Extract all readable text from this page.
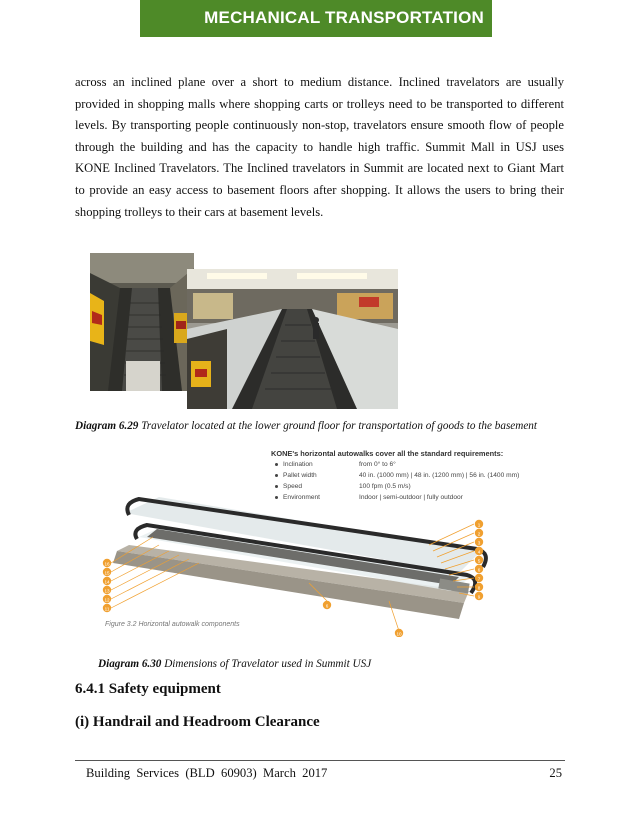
MECHANICAL TRANSPORTATION

across an inclined plane over a short to medium distance. Inclined travelators are usually provided in shopping malls where shopping carts or trolleys need to be transported to different levels. By transporting people continuously non-stop, travelators ensure smooth flow of people through the building and has the capacity to handle high traffic. Summit Mall in USJ uses KONE Inclined Travelators. The Inclined travelators in Summit are located next to Giant Mart to provide an easy access to basement floors after shopping. It allows the users to bring their shopping trolleys to their cars at basement levels.

Diagram 6.29 Travelator located at the lower ground floor for transportation of goods to the basement
KONE's horizontal autowalks cover all the standard requirements:
Inclination	from 0° to 6°
Pallet width	40 in. (1000 mm) | 48 in. (1200 mm) | 56 in. (1400 mm)
Speed	100 fpm (0.5 m/s)
Environment	Indoor | semi-outdoor | fully outdoor
16
15
14
13
12
11
1
2
3
4
5
6
7
8
9
6
10
Figure 3.2 Horizontal autowalk components
Diagram 6.30 Dimensions of Travelator used in Summit USJ
6.4.1 Safety equipment
(i) Handrail and Headroom Clearance
Building  Services  (BLD  60903)  March  2017	25
